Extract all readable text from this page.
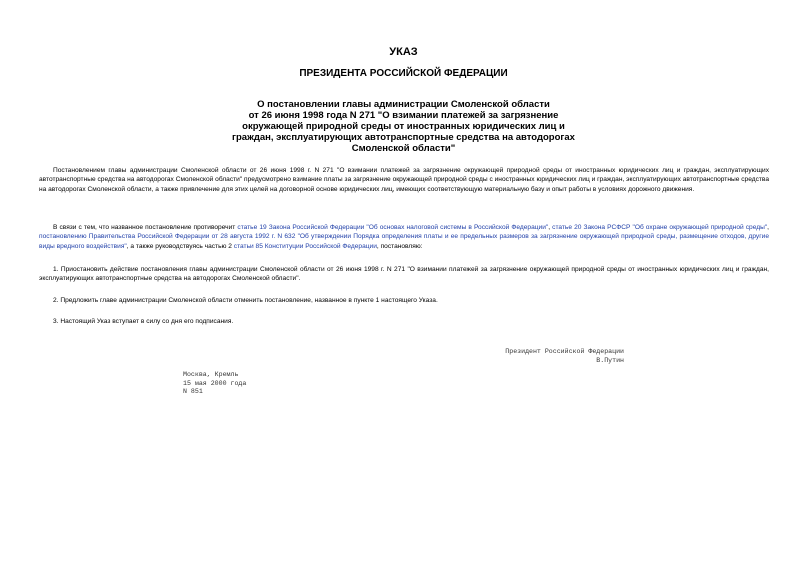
УКАЗ
ПРЕЗИДЕНТА РОССИЙСКОЙ ФЕДЕРАЦИИ
О постановлении главы администрации Смоленской области
от 26 июня 1998 года N 271 "О взимании платежей за загрязнение
окружающей природной среды от иностранных юридических лиц и
граждан, эксплуатирующих автотранспортные средства на автодорогах
Смоленской области"
Постановлением главы администрации Смоленской области от 26 июня 1998 г. N 271 "О взимании платежей за загрязнение окружающей природной среды от иностранных юридических лиц и граждан, эксплуатирующих автотранспортные средства на автодорогах Смоленской области" предусмотрено взимание платы за загрязнение окружающей природной среды с иностранных юридических лиц и граждан, эксплуатирующих автотранспортные средства на автодорогах Смоленской области, а также привлечение для этих целей на договорной основе юридических лиц, имеющих соответствующую материальную базу и опыт работы в условиях дорожного движения.
В связи с тем, что названное постановление противоречит статье 19 Закона Российской Федерации "Об основах налоговой системы в Российской Федерации", статье 20 Закона РСФСР "Об охране окружающей природной среды", постановлению Правительства Российской Федерации от 28 августа 1992 г. N 632 "Об утверждении Порядка определения платы и ее предельных размеров за загрязнение окружающей природной среды, размещение отходов, другие виды вредного воздействия", а также руководствуясь частью 2 статьи 85 Конституции Российской Федерации, постановляю:
1. Приостановить действие постановления главы администрации Смоленской области от 26 июня 1998 г. N 271 "О взимании платежей за загрязнение окружающей природной среды от иностранных юридических лиц и граждан, эксплуатирующих автотранспортные средства на автодорогах Смоленской области".
2. Предложить главе администрации Смоленской области отменить постановление, названное в пункте 1 настоящего Указа.
3. Настоящий Указ вступает в силу со дня его подписания.
Президент Российской Федерации
В.Путин
Москва, Кремль
15 мая 2000 года
N 851
